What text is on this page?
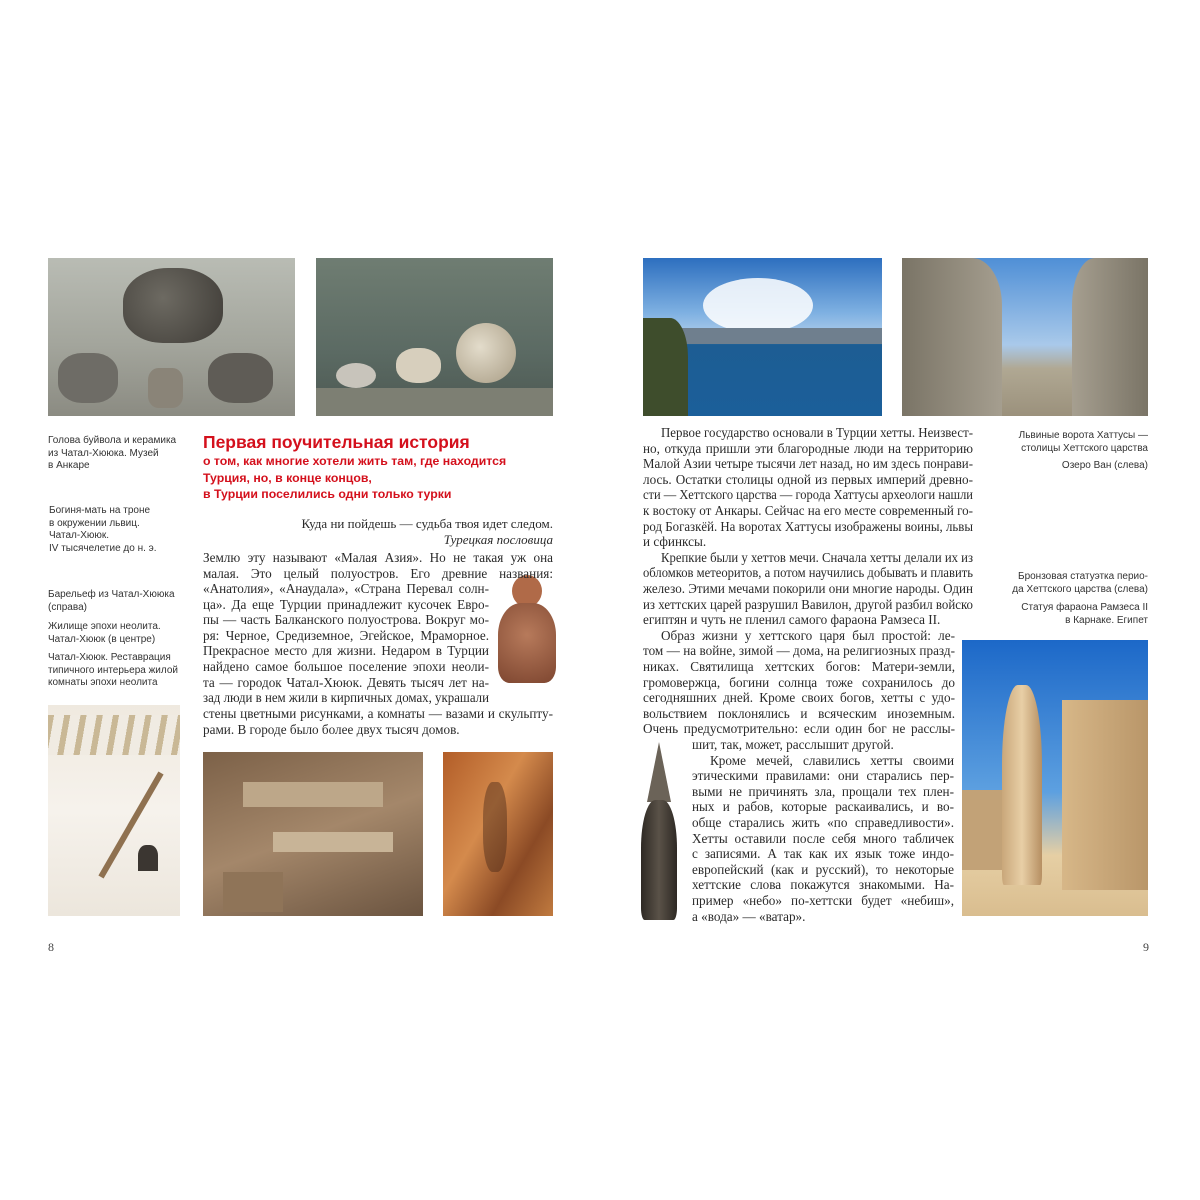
Голова буйвола и керамика
из Чатал-Хююка. Музей
в Анкаре
Богиня-мать на троне
в окружении львиц.
Чатал-Хююк.
IV тысячелетие до н. э.
Барельеф из Чатал-Хююка
(справа)
Жилище эпохи неолита.
Чатал-Хююк (в центре)
Чатал-Хююк. Реставрация
типичного интерьера жилой
комнаты эпохи неолита
Первая поучительная история
о том, как многие хотели жить там, где находится
Турция, но, в конце концов,
в Турции поселились одни только турки
Куда ни пойдешь — судьба твоя идет следом.
Турецкая пословица
Землю эту называют «Малая Азия». Но не такая уж она
малая. Это целый полуостров. Его древние названия:
«Анатолия», «Анаудала», «Страна Перевал солн-
ца». Да еще Турции принадлежит кусочек Евро-
пы — часть Балканского полуострова. Вокруг мо-
ря: Черное, Средиземное, Эгейское, Мраморное.
Прекрасное место для жизни. Недаром в Турции
найдено самое большое поселение эпохи неоли-
та — городок Чатал-Хююк. Девять тысяч лет на-
зад люди в нем жили в кирпичных домах, украшали
стены цветными рисунками, а комнаты — вазами и скульпту-
рами. В городе было более двух тысяч домов.
8
Львиные ворота Хаттусы —
столицы Хеттского царства
Озеро Ван (слева)
Бронзовая статуэтка перио-
да Хеттского царства (слева)
Статуя фараона Рамзеса II
в Карнаке. Египет
Первое государство основали в Турции хетты. Неизвест-
но, откуда пришли эти благородные люди на территорию
Малой Азии четыре тысячи лет назад, но им здесь понрави-
лось. Остатки столицы одной из первых империй древно-
сти — Хеттского царства — города Хаттусы археологи нашли
к востоку от Анкары. Сейчас на его месте современный го-
род Богазкёй. На воротах Хаттусы изображены воины, львы
и сфинксы.
Крепкие были у хеттов мечи. Сначала хетты делали их из
обломков метеоритов, а потом научились добывать и плавить
железо. Этими мечами покорили они многие народы. Один
из хеттских царей разрушил Вавилон, другой разбил войско
египтян и чуть не пленил самого фараона Рамзеса II.
Образ жизни у хеттского царя был простой: ле-
том — на войне, зимой — дома, на религиозных празд-
никах. Святилища хеттских богов: Матери-земли,
громовержца, богини солнца тоже сохранилось до
сегодняшних дней. Кроме своих богов, хетты с удо-
вольствием поклонялись и всяческим иноземным.
Очень предусмотрительно: если один бог не расслы-
шит, так, может, расслышит другой.
Кроме мечей, славились хетты своими
этическими правилами: они старались пер-
выми не причинять зла, прощали тех плен-
ных и рабов, которые раскаивались, и во-
обще старались жить «по справедливости».
Хетты оставили после себя много табличек
с записями. А так как их язык тоже индо-
европейский (как и русский), то некоторые
хеттские слова покажутся знакомыми. На-
пример «небо» по-хеттски будет «небиш»,
а «вода» — «ватар».
9
